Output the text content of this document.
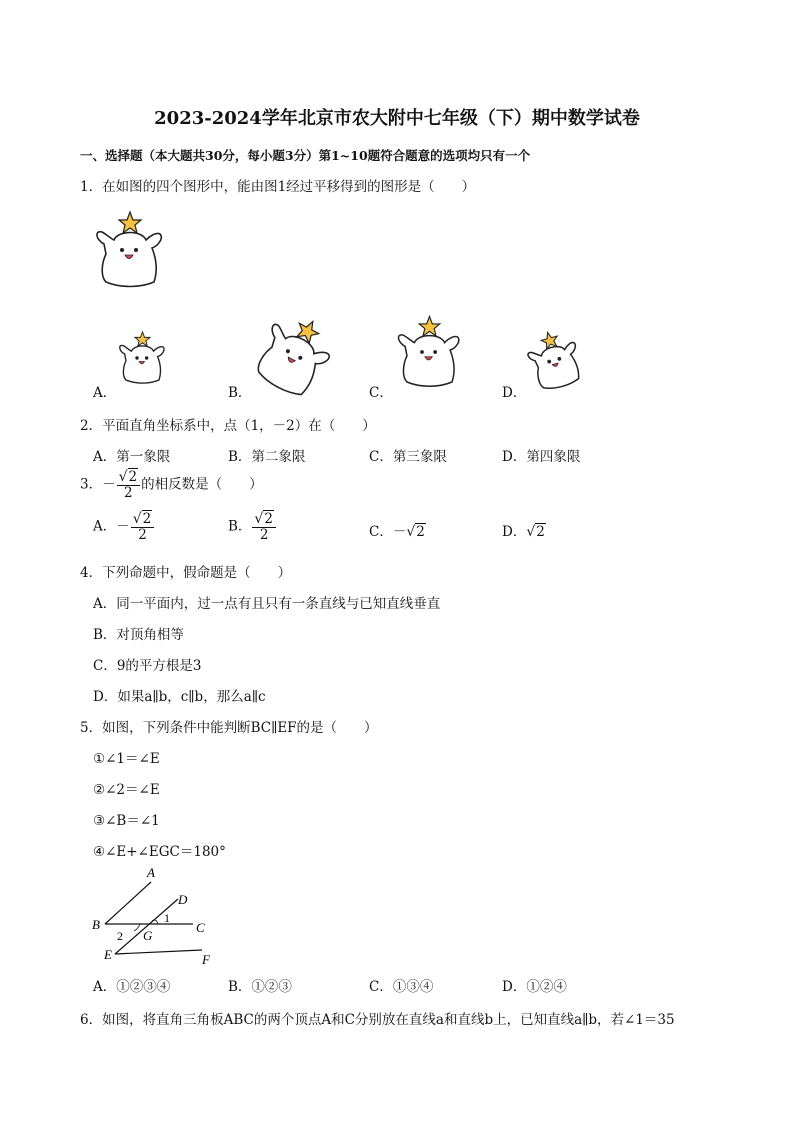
2023-2024学年北京市农大附中七年级（下）期中数学试卷
一、选择题（本大题共30分，每小题3分）第1~10题符合题意的选项均只有一个
1．在如图的四个图形中，能由图1经过平移得到的图形是（　　）
A．	B．	C．	D．
2．平面直角坐标系中，点（1，－2）在（　　）
A．第一象限	B．第二象限	C．第三象限	D．第四象限
3．－ $\frac{√2}{2}$ 的相反数是（　　）
A．－ $\frac{√2}{2}$	B． $\frac{√2}{2}$	C．－√2	D．√2
4．下列命题中，假命题是（　　）
A．同一平面内，过一点有且只有一条直线与已知直线垂直
B．对顶角相等
C．9的平方根是3
D．如果a∥b，c∥b，那么a∥c
5．如图，下列条件中能判断BC∥EF的是（　　）
①∠1＝∠E
②∠2＝∠E
③∠B＝∠1
④∠E+∠EGC＝180°
A
D
1
B	C
2 G
E	F
A．①②③④	B．①②③	C．①③④	D．①②④
6．如图，将直角三角板ABC的两个顶点A和C分别放在直线a和直线b上，已知直线a∥b，若∠1＝35
